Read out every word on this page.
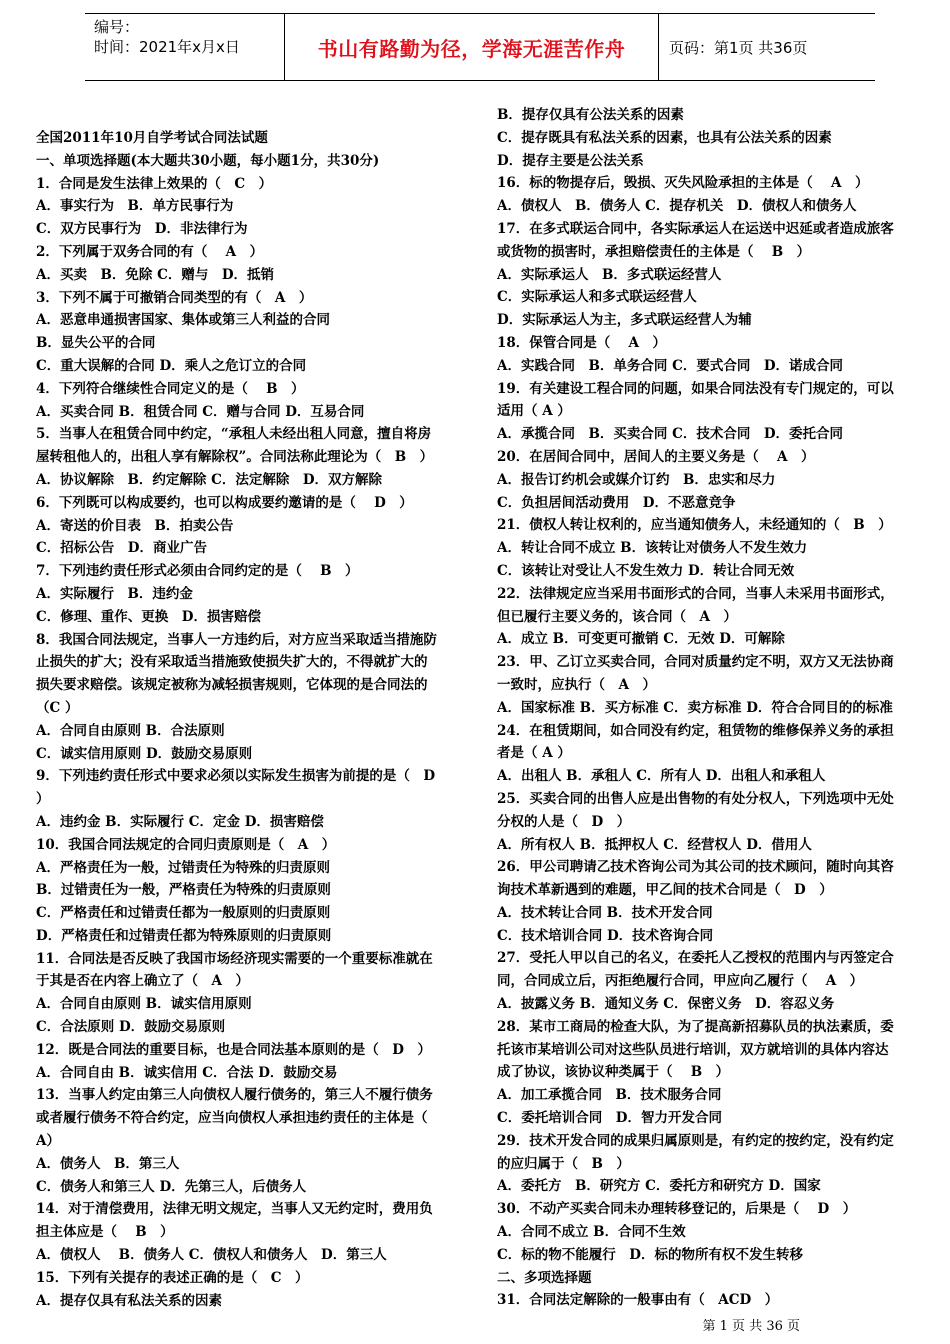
编号：
时间：2021年x月x日	书山有路勤为径，学海无涯苦作舟	页码：第1页 共36页
全国2011年10月自学考试合同法试题
一、单项选择题(本大题共30小题，每小题1分，共30分)
1．合同是发生法律上效果的（　C　）
A．事实行为　B．单方民事行为
C．双方民事行为　D．非法律行为
2．下列属于双务合同的有（　 A　）
A．买卖　B．免除 C．赠与　D．抵销
3．下列不属于可撤销合同类型的有（　A　）
A．恶意串通损害国家、集体或第三人利益的合同
B．显失公平的合同
C．重大误解的合同 D．乘人之危订立的合同
4．下列符合继续性合同定义的是（　 B　）
A．买卖合同 B．租赁合同 C．赠与合同 D．互易合同
5．当事人在租赁合同中约定，“承租人未经出租人同意，擅自将房
屋转租他人的，出租人享有解除权”。合同法称此理论为（　B　）
A．协议解除　B．约定解除 C．法定解除　D．双方解除
6．下列既可以构成要约，也可以构成要约邀请的是（　 D　）
A．寄送的价目表　B．拍卖公告
C．招标公告　D．商业广告
7．下列违约责任形式必须由合同约定的是（　 B　）
A．实际履行　B．违约金
C．修理、重作、更换　D．损害赔偿
8．我国合同法规定，当事人一方违约后，对方应当采取适当措施防
止损失的扩大；没有采取适当措施致使损失扩大的，不得就扩大的
损失要求赔偿。该规定被称为减轻损害规则，它体现的是合同法的
（C ）
A．合同自由原则 B．合法原则
C．诚实信用原则 D．鼓励交易原则
9．下列违约责任形式中要求必须以实际发生损害为前提的是（　D
）
A．违约金 B．实际履行 C．定金 D．损害赔偿
10．我国合同法规定的合同归责原则是（　A　）
A．严格责任为一般，过错责任为特殊的归责原则
B．过错责任为一般，严格责任为特殊的归责原则
C．严格责任和过错责任都为一般原则的归责原则
D．严格责任和过错责任都为特殊原则的归责原则
11．合同法是否反映了我国市场经济现实需要的一个重要标准就在
于其是否在内容上确立了（　A　）
A．合同自由原则 B．诚实信用原则
C．合法原则 D．鼓励交易原则
12．既是合同法的重要目标，也是合同法基本原则的是（　D　）
A．合同自由 B．诚实信用 C．合法 D．鼓励交易
13．当事人约定由第三人向债权人履行债务的，第三人不履行债务
或者履行债务不符合约定，应当向债权人承担违约责任的主体是（
A）
A．债务人　B．第三人
C．债务人和第三人 D．先第三人，后债务人
14．对于清偿费用，法律无明文规定，当事人又无约定时，费用负
担主体应是（　 B　）
A．债权人　 B．债务人 C．债权人和债务人　D．第三人
15．下列有关提存的表述正确的是（　C　）
A．提存仅具有私法关系的因素
B．提存仅具有公法关系的因素
C．提存既具有私法关系的因素，也具有公法关系的因素
D．提存主要是公法关系
16．标的物提存后，毁损、灭失风险承担的主体是（　 A　）
A．债权人　B．债务人 C．提存机关　D．债权人和债务人
17．在多式联运合同中，各实际承运人在运送中迟延或者造成旅客
或货物的损害时，承担赔偿责任的主体是（　 B　）
A．实际承运人　B．多式联运经营人
C．实际承运人和多式联运经营人
D．实际承运人为主，多式联运经营人为辅
18．保管合同是（　 A　）
A．实践合同　B．单务合同 C．要式合同　D．诺成合同
19．有关建设工程合同的问题，如果合同法没有专门规定的，可以
适用（ A ）
A．承揽合同　B．买卖合同 C．技术合同　D．委托合同
20．在居间合同中，居间人的主要义务是（　 A　）
A．报告订约机会或媒介订约　B．忠实和尽力
C．负担居间活动费用　D．不恶意竞争
21．债权人转让权利的，应当通知债务人，未经通知的（　B　）
A．转让合同不成立 B．该转让对债务人不发生效力
C．该转让对受让人不发生效力 D．转让合同无效
22．法律规定应当采用书面形式的合同，当事人未采用书面形式，
但已履行主要义务的，该合同（　A　）
A．成立 B．可变更可撤销 C．无效 D．可解除
23．甲、乙订立买卖合同，合同对质量约定不明，双方又无法协商
一致时，应执行（　A　）
A．国家标准 B．买方标准 C．卖方标准 D．符合合同目的的标准
24．在租赁期间，如合同没有约定，租赁物的维修保养义务的承担
者是（ A ）
A．出租人 B．承租人 C．所有人 D．出租人和承租人
25．买卖合同的出售人应是出售物的有处分权人，下列选项中无处
分权的人是（　D　）
A．所有权人 B．抵押权人 C．经营权人 D．借用人
26．甲公司聘请乙技术咨询公司为其公司的技术顾问，随时向其咨
询技术革新遇到的难题，甲乙间的技术合同是（　D　）
A．技术转让合同 B．技术开发合同
C．技术培训合同 D．技术咨询合同
27．受托人甲以自己的名义，在委托人乙授权的范围内与丙签定合
同，合同成立后，丙拒绝履行合同，甲应向乙履行（　 A　）
A．披露义务 B．通知义务 C．保密义务　D．容忍义务
28．某市工商局的检查大队，为了提高新招募队员的执法素质，委
托该市某培训公司对这些队员进行培训，双方就培训的具体内容达
成了协议，该协议种类属于（　 B　）
A．加工承揽合同　B．技术服务合同
C．委托培训合同　D．智力开发合同
29．技术开发合同的成果归属原则是，有约定的按约定，没有约定
的应归属于（　B　）
A．委托方　B．研究方 C．委托方和研究方 D．国家
30．不动产买卖合同未办理转移登记的，后果是（　 D　）
A．合同不成立 B．合同不生效
C．标的物不能履行　D．标的物所有权不发生转移
二、多项选择题
31．合同法定解除的一般事由有（　ACD　）
第 1 页 共 36 页
